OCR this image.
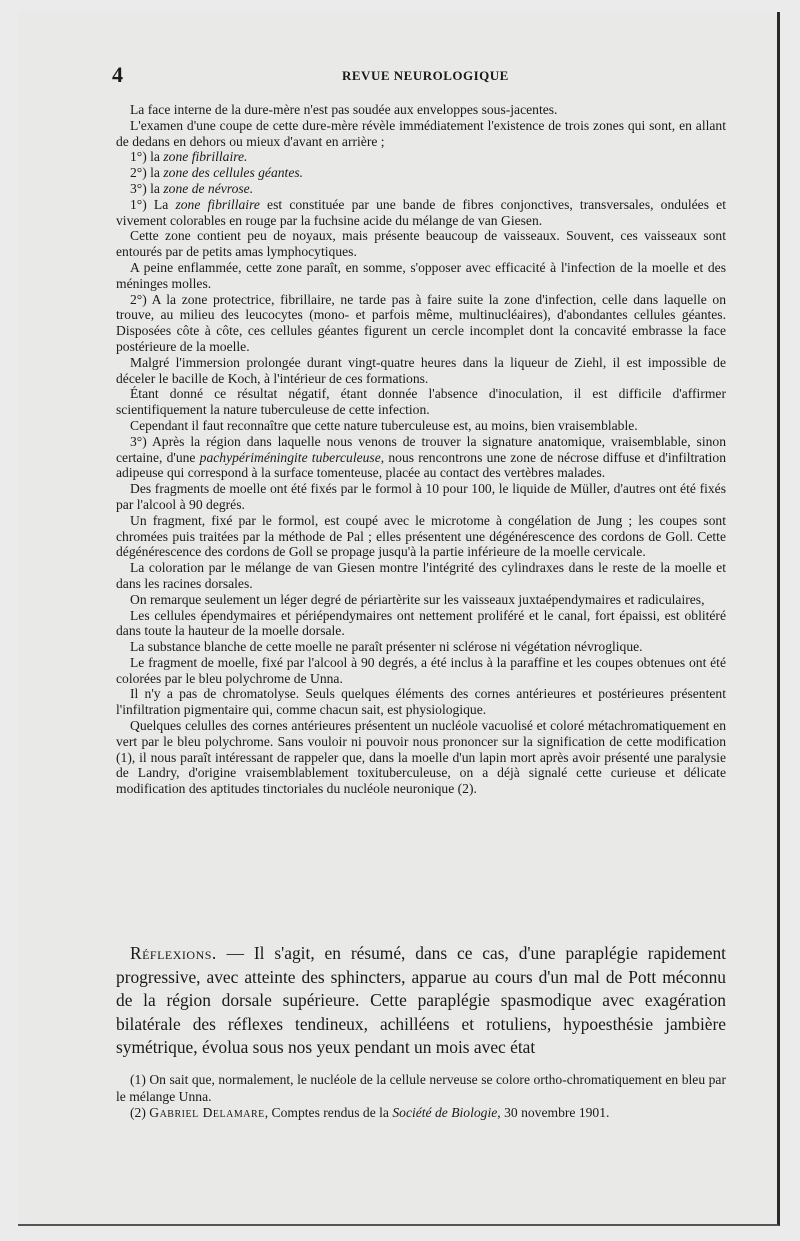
4	REVUE NEUROLOGIQUE

La face interne de la dure-mère n'est pas soudée aux enveloppes sous-jacentes.

L'examen d'une coupe de cette dure-mère révèle immédiatement l'existence de trois zones qui sont, en allant de dedans en dehors ou mieux d'avant en arrière ;

1°) la zone fibrillaire.

2°) la zone des cellules géantes.

3°) la zone de névrose.

1°) La zone fibrillaire est constituée par une bande de fibres conjonctives, transversales, ondulées et vivement colorables en rouge par la fuchsine acide du mélange de van Giesen.

Cette zone contient peu de noyaux, mais présente beaucoup de vaisseaux. Souvent, ces vaisseaux sont entourés par de petits amas lymphocytiques.

A peine enflammée, cette zone paraît, en somme, s'opposer avec efficacité à l'infection de la moelle et des méninges molles.

2°) A la zone protectrice, fibrillaire, ne tarde pas à faire suite la zone d'infection, celle dans laquelle on trouve, au milieu des leucocytes (mono- et parfois même, multinucléaires), d'abondantes cellules géantes. Disposées côte à côte, ces cellules géantes figurent un cercle incomplet dont la concavité embrasse la face postérieure de la moelle.

Malgré l'immersion prolongée durant vingt-quatre heures dans la liqueur de Ziehl, il est impossible de déceler le bacille de Koch, à l'intérieur de ces formations.

Étant donné ce résultat négatif, étant donnée l'absence d'inoculation, il est difficile d'affirmer scientifiquement la nature tuberculeuse de cette infection.

Cependant il faut reconnaître que cette nature tuberculeuse est, au moins, bien vraisemblable.

3°) Après la région dans laquelle nous venons de trouver la signature anatomique, vraisemblable, sinon certaine, d'une pachypériméningite tuberculeuse, nous rencontrons une zone de nécrose diffuse et d'infiltration adipeuse qui correspond à la surface tomenteuse, placée au contact des vertèbres malades.

Des fragments de moelle ont été fixés par le formol à 10 pour 100, le liquide de Müller, d'autres ont été fixés par l'alcool à 90 degrés.

Un fragment, fixé par le formol, est coupé avec le microtome à congélation de Jung ; les coupes sont chromées puis traitées par la méthode de Pal ; elles présentent une dégénérescence des cordons de Goll. Cette dégénérescence des cordons de Goll se propage jusqu'à la partie inférieure de la moelle cervicale.

La coloration par le mélange de van Giesen montre l'intégrité des cylindraxes dans le reste de la moelle et dans les racines dorsales.

On remarque seulement un léger degré de périartèrite sur les vaisseaux juxtaépendymaires et radiculaires,

Les cellules épendymaires et périépendymaires ont nettement proliféré et le canal, fort épaissi, est oblitéré dans toute la hauteur de la moelle dorsale.

La substance blanche de cette moelle ne paraît présenter ni sclérose ni végétation névroglique.

Le fragment de moelle, fixé par l'alcool à 90 degrés, a été inclus à la paraffine et les coupes obtenues ont été colorées par le bleu polychrome de Unna.

Il n'y a pas de chromatolyse. Seuls quelques éléments des cornes antérieures et postérieures présentent l'infiltration pigmentaire qui, comme chacun sait, est physiologique.

Quelques celulles des cornes antérieures présentent un nucléole vacuolisé et coloré métachromatiquement en vert par le bleu polychrome. Sans vouloir ni pouvoir nous prononcer sur la signification de cette modification (1), il nous paraît intéressant de rappeler que, dans la moelle d'un lapin mort après avoir présenté une paralysie de Landry, d'origine vraisemblablement toxituberculeuse, on a déjà signalé cette curieuse et délicate modification des aptitudes tinctoriales du nucléole neuronique (2).

Réflexions. — Il s'agit, en résumé, dans ce cas, d'une paraplégie rapidement progressive, avec atteinte des sphincters, apparue au cours d'un mal de Pott méconnu de la région dorsale supérieure. Cette paraplégie spasmodique avec exagération bilatérale des réflexes tendineux, achilléens et rotuliens, hypoesthésie jambière symétrique, évolua sous nos yeux pendant un mois avec état

(1) On sait que, normalement, le nucléole de la cellule nerveuse se colore ortho-chromatiquement en bleu par le mélange Unna.

(2) Gabriel Delamare, Comptes rendus de la Société de Biologie, 30 novembre 1901.
